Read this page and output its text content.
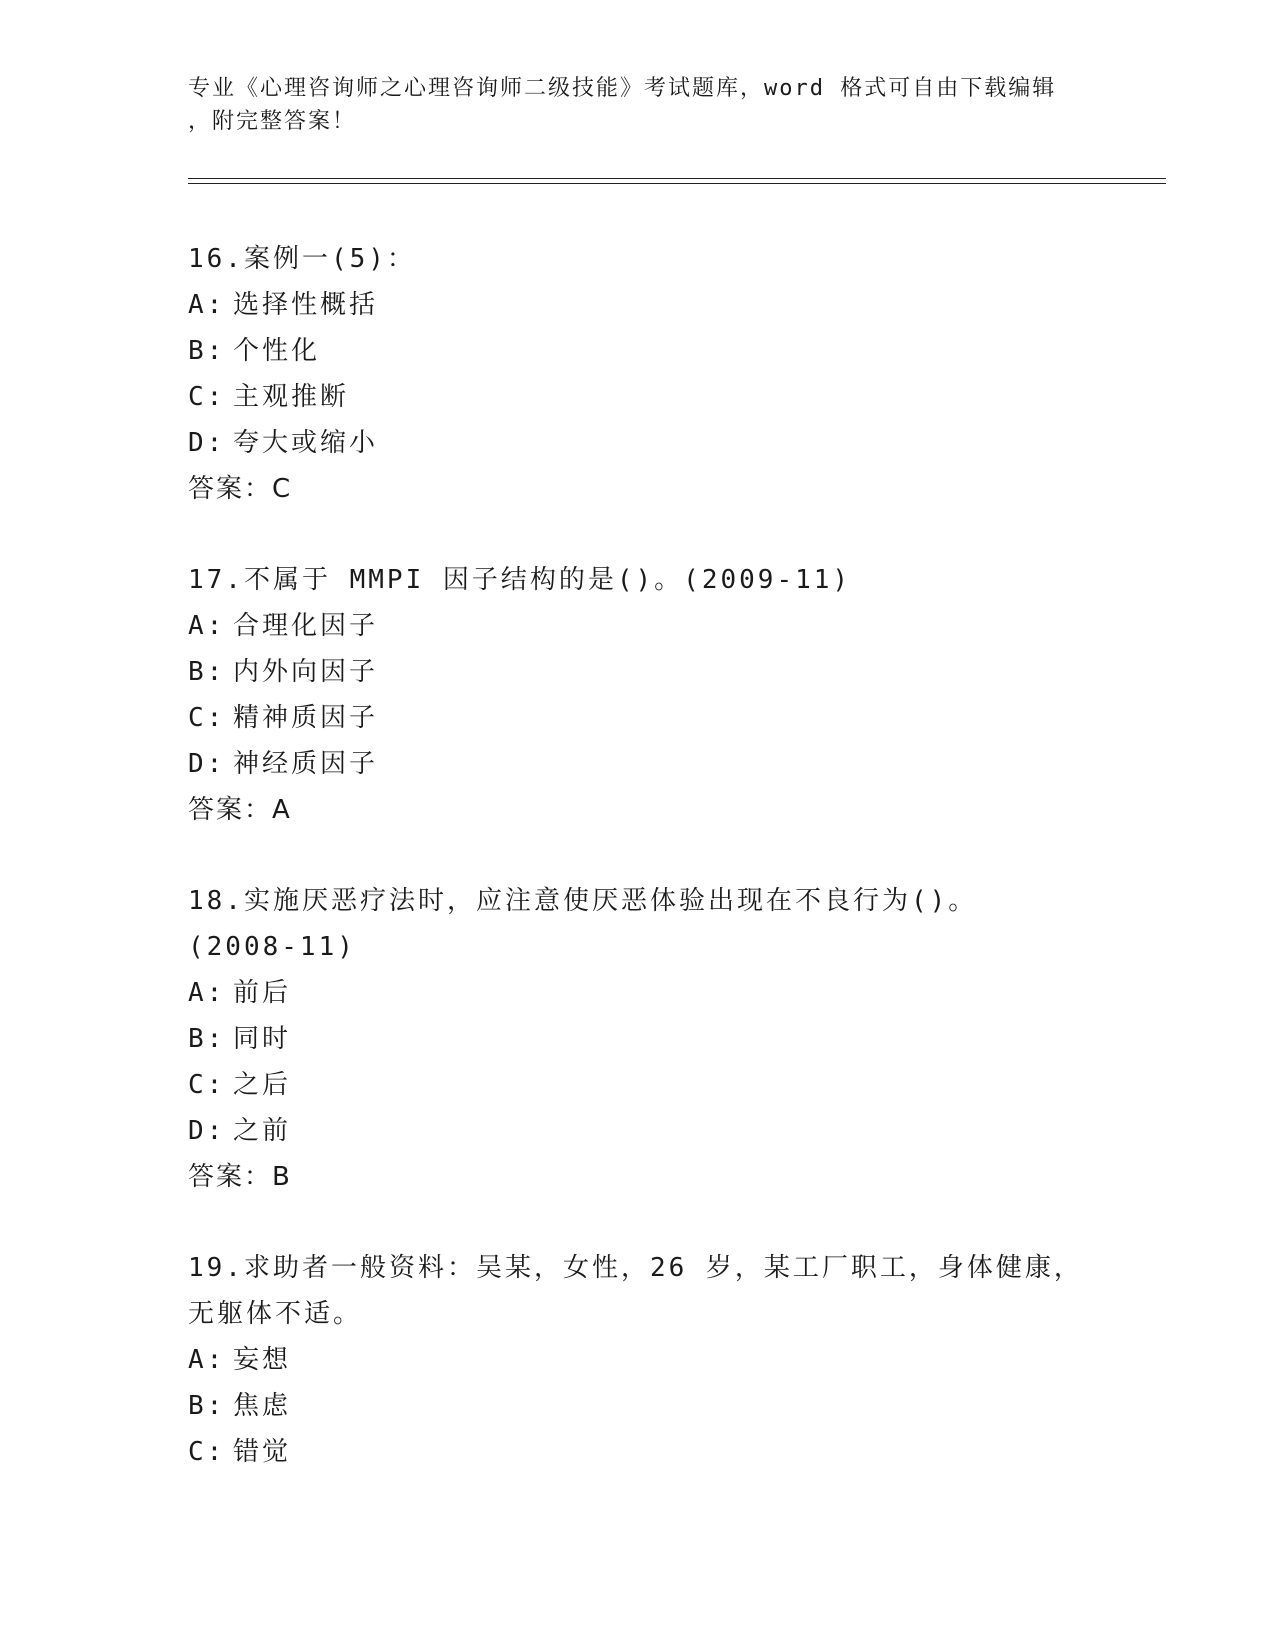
专业《心理咨询师之心理咨询师二级技能》考试题库，word 格式可自由下载编辑
，附完整答案！
16.案例一(5)：
A: 选择性概括
B: 个性化
C: 主观推断
D: 夸大或缩小
答案：C
17.不属于 MMPI 因子结构的是()。(2009-11)
A: 合理化因子
B: 内外向因子
C: 精神质因子
D: 神经质因子
答案：A
18.实施厌恶疗法时，应注意使厌恶体验出现在不良行为()。(2008-11)
A: 前后
B: 同时
C: 之后
D: 之前
答案：B
19.求助者一般资料：吴某，女性，26 岁，某工厂职工，身体健康，无躯体不适。
A: 妄想
B: 焦虑
C: 错觉
